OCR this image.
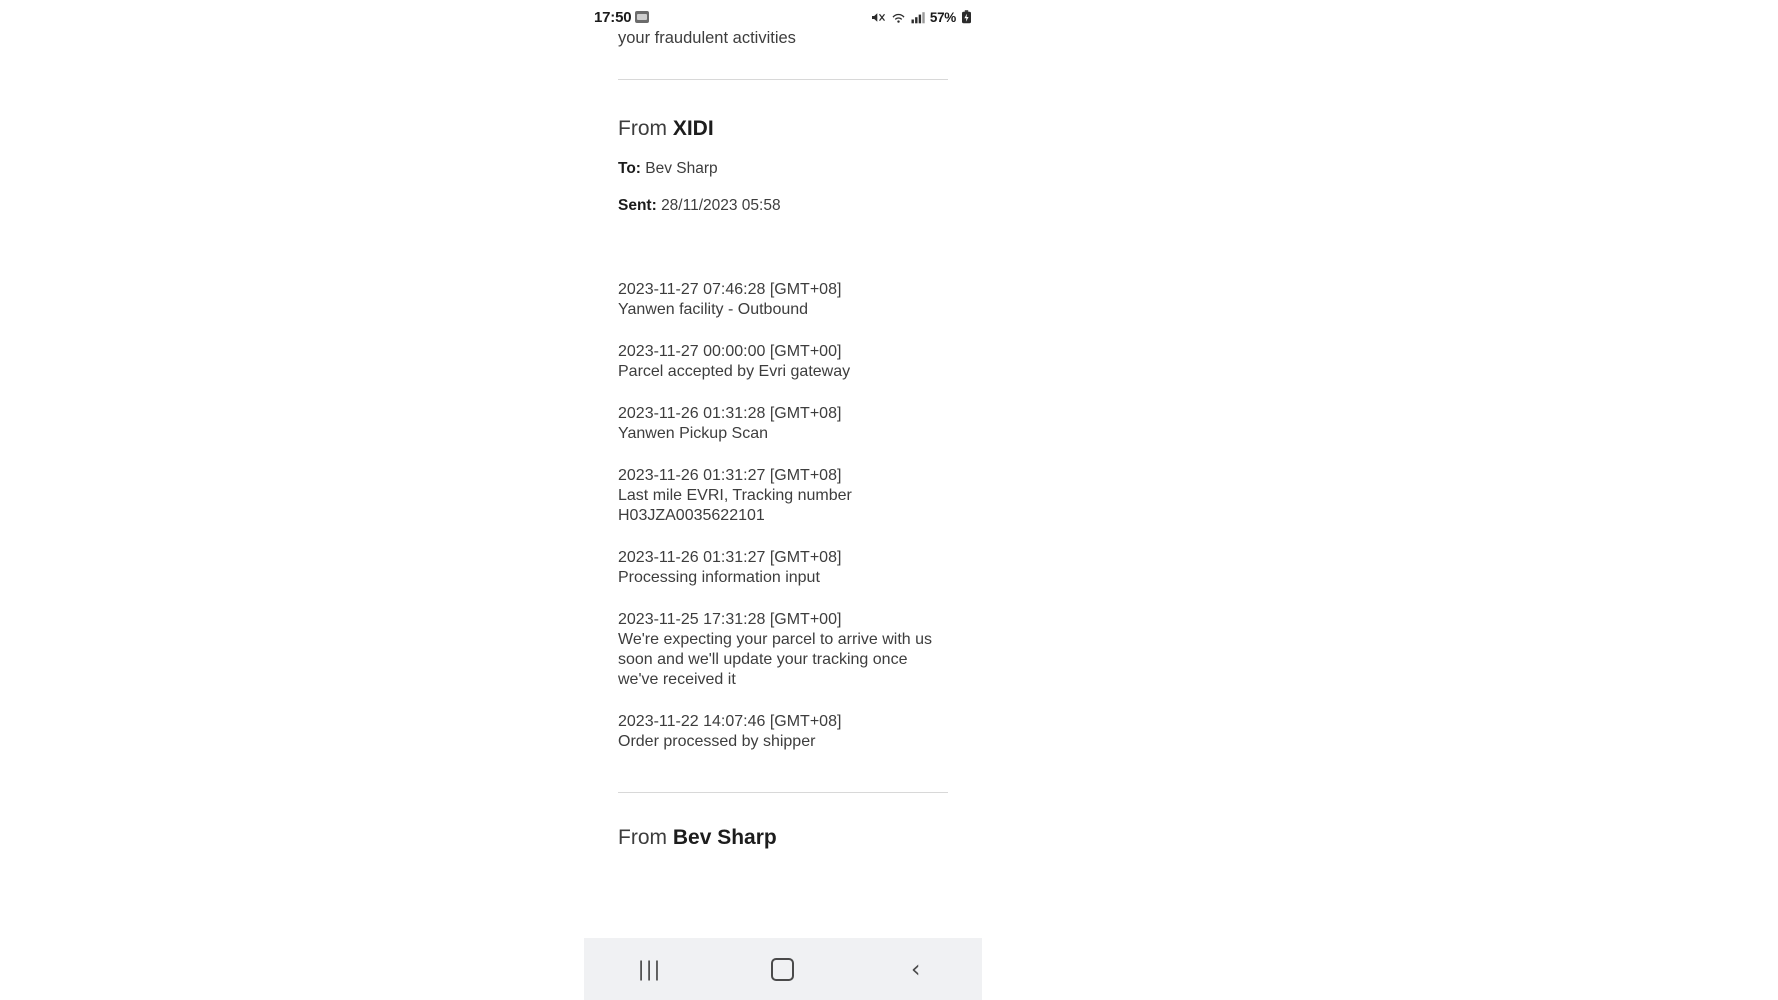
17:50	57%
your fraudulent activities
From XIDI
To: Bev Sharp
Sent: 28/11/2023 05:58
2023-11-27 07:46:28 [GMT+08]
Yanwen facility - Outbound
2023-11-27 00:00:00 [GMT+00]
Parcel accepted by Evri gateway
2023-11-26 01:31:28 [GMT+08]
Yanwen Pickup Scan
2023-11-26 01:31:27 [GMT+08]
Last mile EVRI, Tracking number H03JZA0035622101
2023-11-26 01:31:27 [GMT+08]
Processing information input
2023-11-25 17:31:28 [GMT+00]
We're expecting your parcel to arrive with us soon and we'll update your tracking once we've received it
2023-11-22 14:07:46 [GMT+08]
Order processed by shipper
From Bev Sharp
|||	‹
